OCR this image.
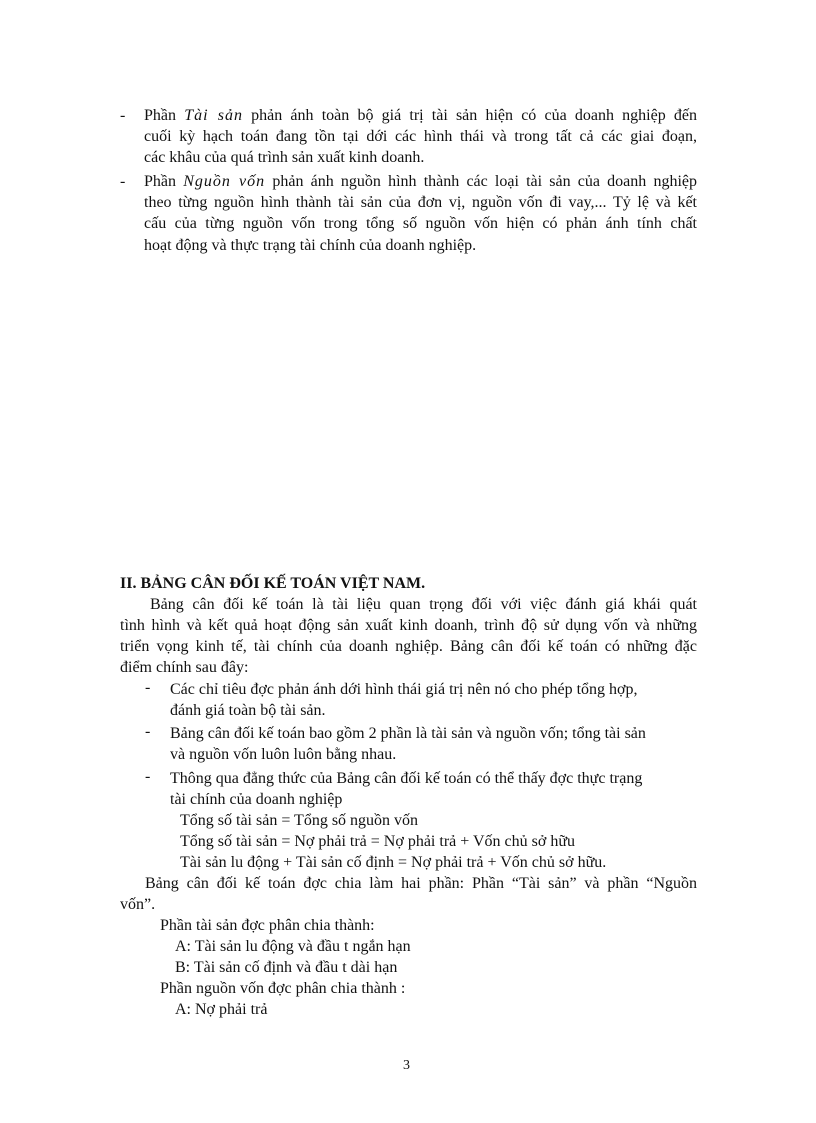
- Phần Tài sản phản ánh toàn bộ giá trị tài sản hiện có của doanh nghiệp đến
cuối kỳ hạch toán đang tồn tại dới các hình thái và trong tất cả các giai đoạn,
các khâu của quá trình sản xuất kinh doanh.
- Phần Nguồn vốn phản ánh nguồn hình thành các loại tài sản của doanh nghiệp
theo từng nguồn hình thành tài sản của đơn vị, nguồn vốn đi vay,... Tỷ lệ và kết
cấu của từng nguồn vốn trong tổng số nguồn vốn hiện có phản ánh tính chất
hoạt động và thực trạng tài chính của doanh nghiệp.
II. BẢNG CÂN ĐỐI KẾ TOÁN VIỆT NAM.
Bảng cân đối kế toán là tài liệu quan trọng đối với việc đánh giá khái quát
tình hình và kết quả hoạt động sản xuất kinh doanh, trình độ sử dụng vốn và những
triển vọng kinh tế, tài chính của doanh nghiệp. Bảng cân đối kế toán có những đặc
điểm chính sau đây:
- Các chỉ tiêu đợc phản ánh dới hình thái giá trị nên nó cho phép tổng hợp,
đánh giá toàn bộ tài sản.
- Bảng cân đối kế toán bao gồm 2 phần là tài sản và nguồn vốn; tổng tài sản
và nguồn vốn luôn luôn bằng nhau.
- Thông qua đẳng thức của Bảng cân đối kế toán có thể thấy đợc thực trạng
tài chính của doanh nghiệp
Tổng số tài sản = Tổng số nguồn vốn
Tổng số tài sản = Nợ phải trả = Nợ phải trả + Vốn chủ sở hữu
Tài sản lu động + Tài sản cố định = Nợ phải trả + Vốn chủ sở hữu.
Bảng cân đối kế toán đợc chia làm hai phần: Phần “Tài sản” và phần “Nguồn
vốn”.
Phần tài sản đợc phân chia thành:
A: Tài sản lu động và đầu t ngắn hạn
B: Tài sản cố định và đầu t dài hạn
Phần nguồn vốn đợc phân chia thành :
A: Nợ phải trả
3
